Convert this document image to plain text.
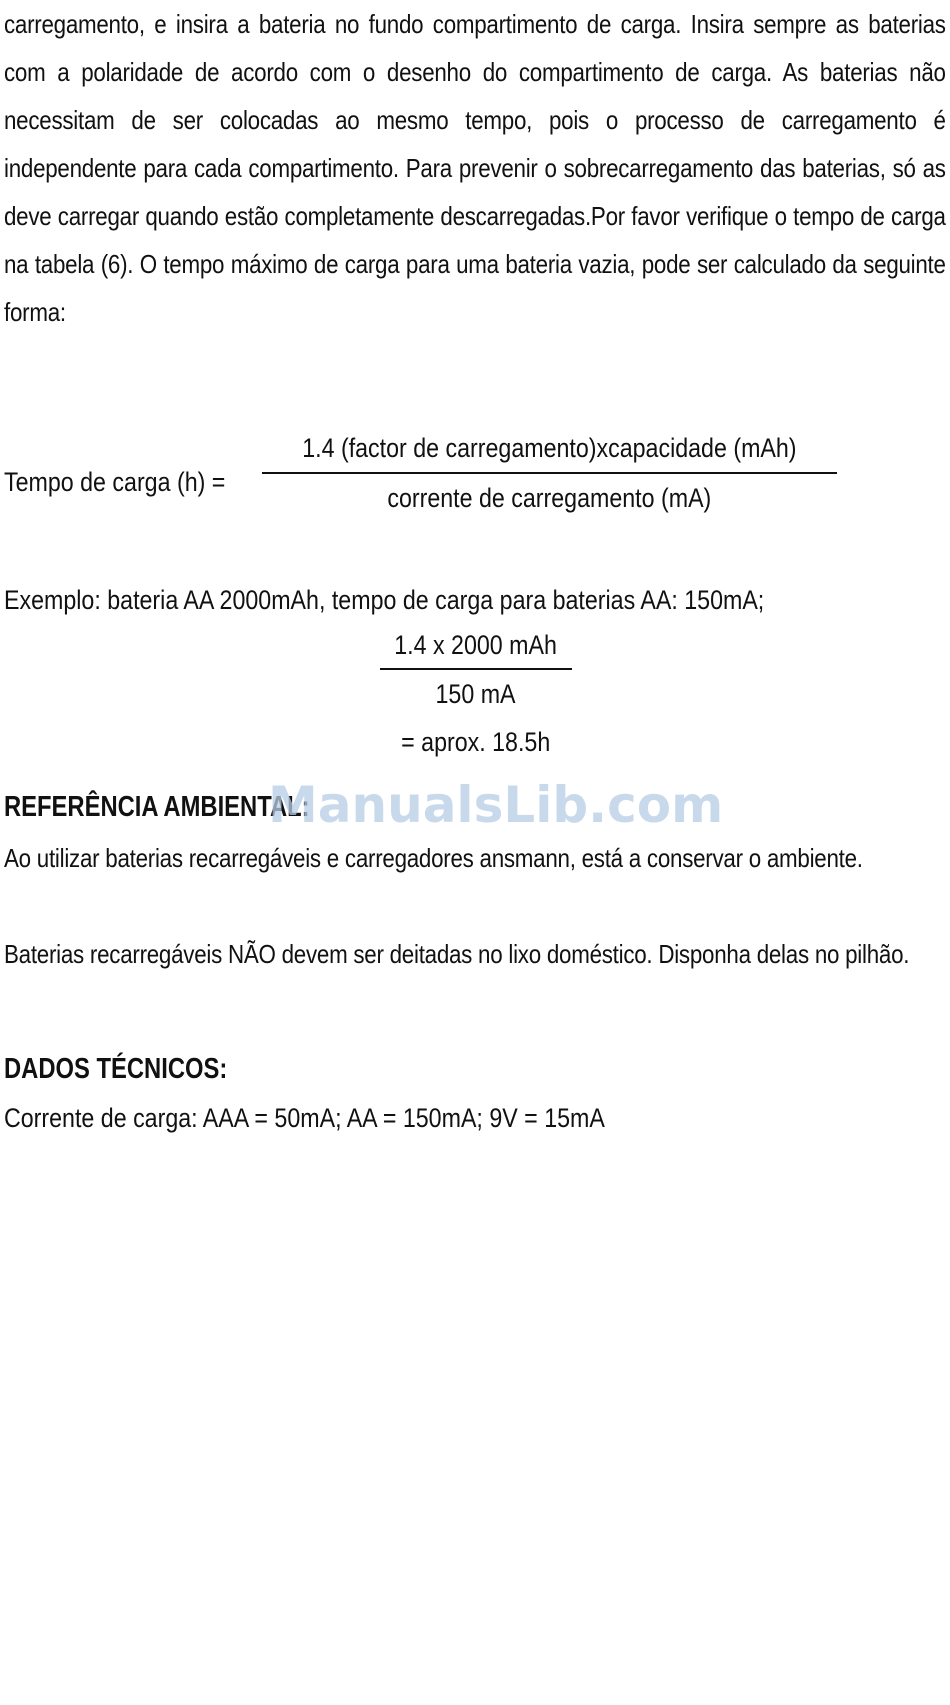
carregamento, e insira a bateria no fundo compartimento de carga. Insira sempre as baterias com a polaridade de acordo com o desenho do compartimento de carga. As baterias não necessitam de ser colocadas ao mesmo tempo, pois o processo de carregamento é independente para cada compartimento. Para prevenir o sobrecarregamento das baterias, só as deve carregar quando estão completamente descarregadas.Por favor verifique o tempo de carga na tabela (6). O tempo máximo de carga para uma bateria vazia, pode ser calculado da seguinte forma:
Tempo de carga (h) =
1.4 (factor de carregamento)xcapacidade (mAh)
corrente de carregamento (mA)
Exemplo: bateria AA 2000mAh, tempo de carga para baterias AA: 150mA;
1.4 x 2000 mAh
150 mA
= aprox. 18.5h
REFERÊNCIA AMBIENTAL:
Ao utilizar baterias recarregáveis e carregadores ansmann, está a conservar o ambiente.
Baterias recarregáveis NÃO devem ser deitadas no lixo doméstico. Disponha delas no pilhão.
DADOS TÉCNICOS:
Corrente de carga: AAA = 50mA; AA = 150mA; 9V = 15mA
ManualsLib.com
